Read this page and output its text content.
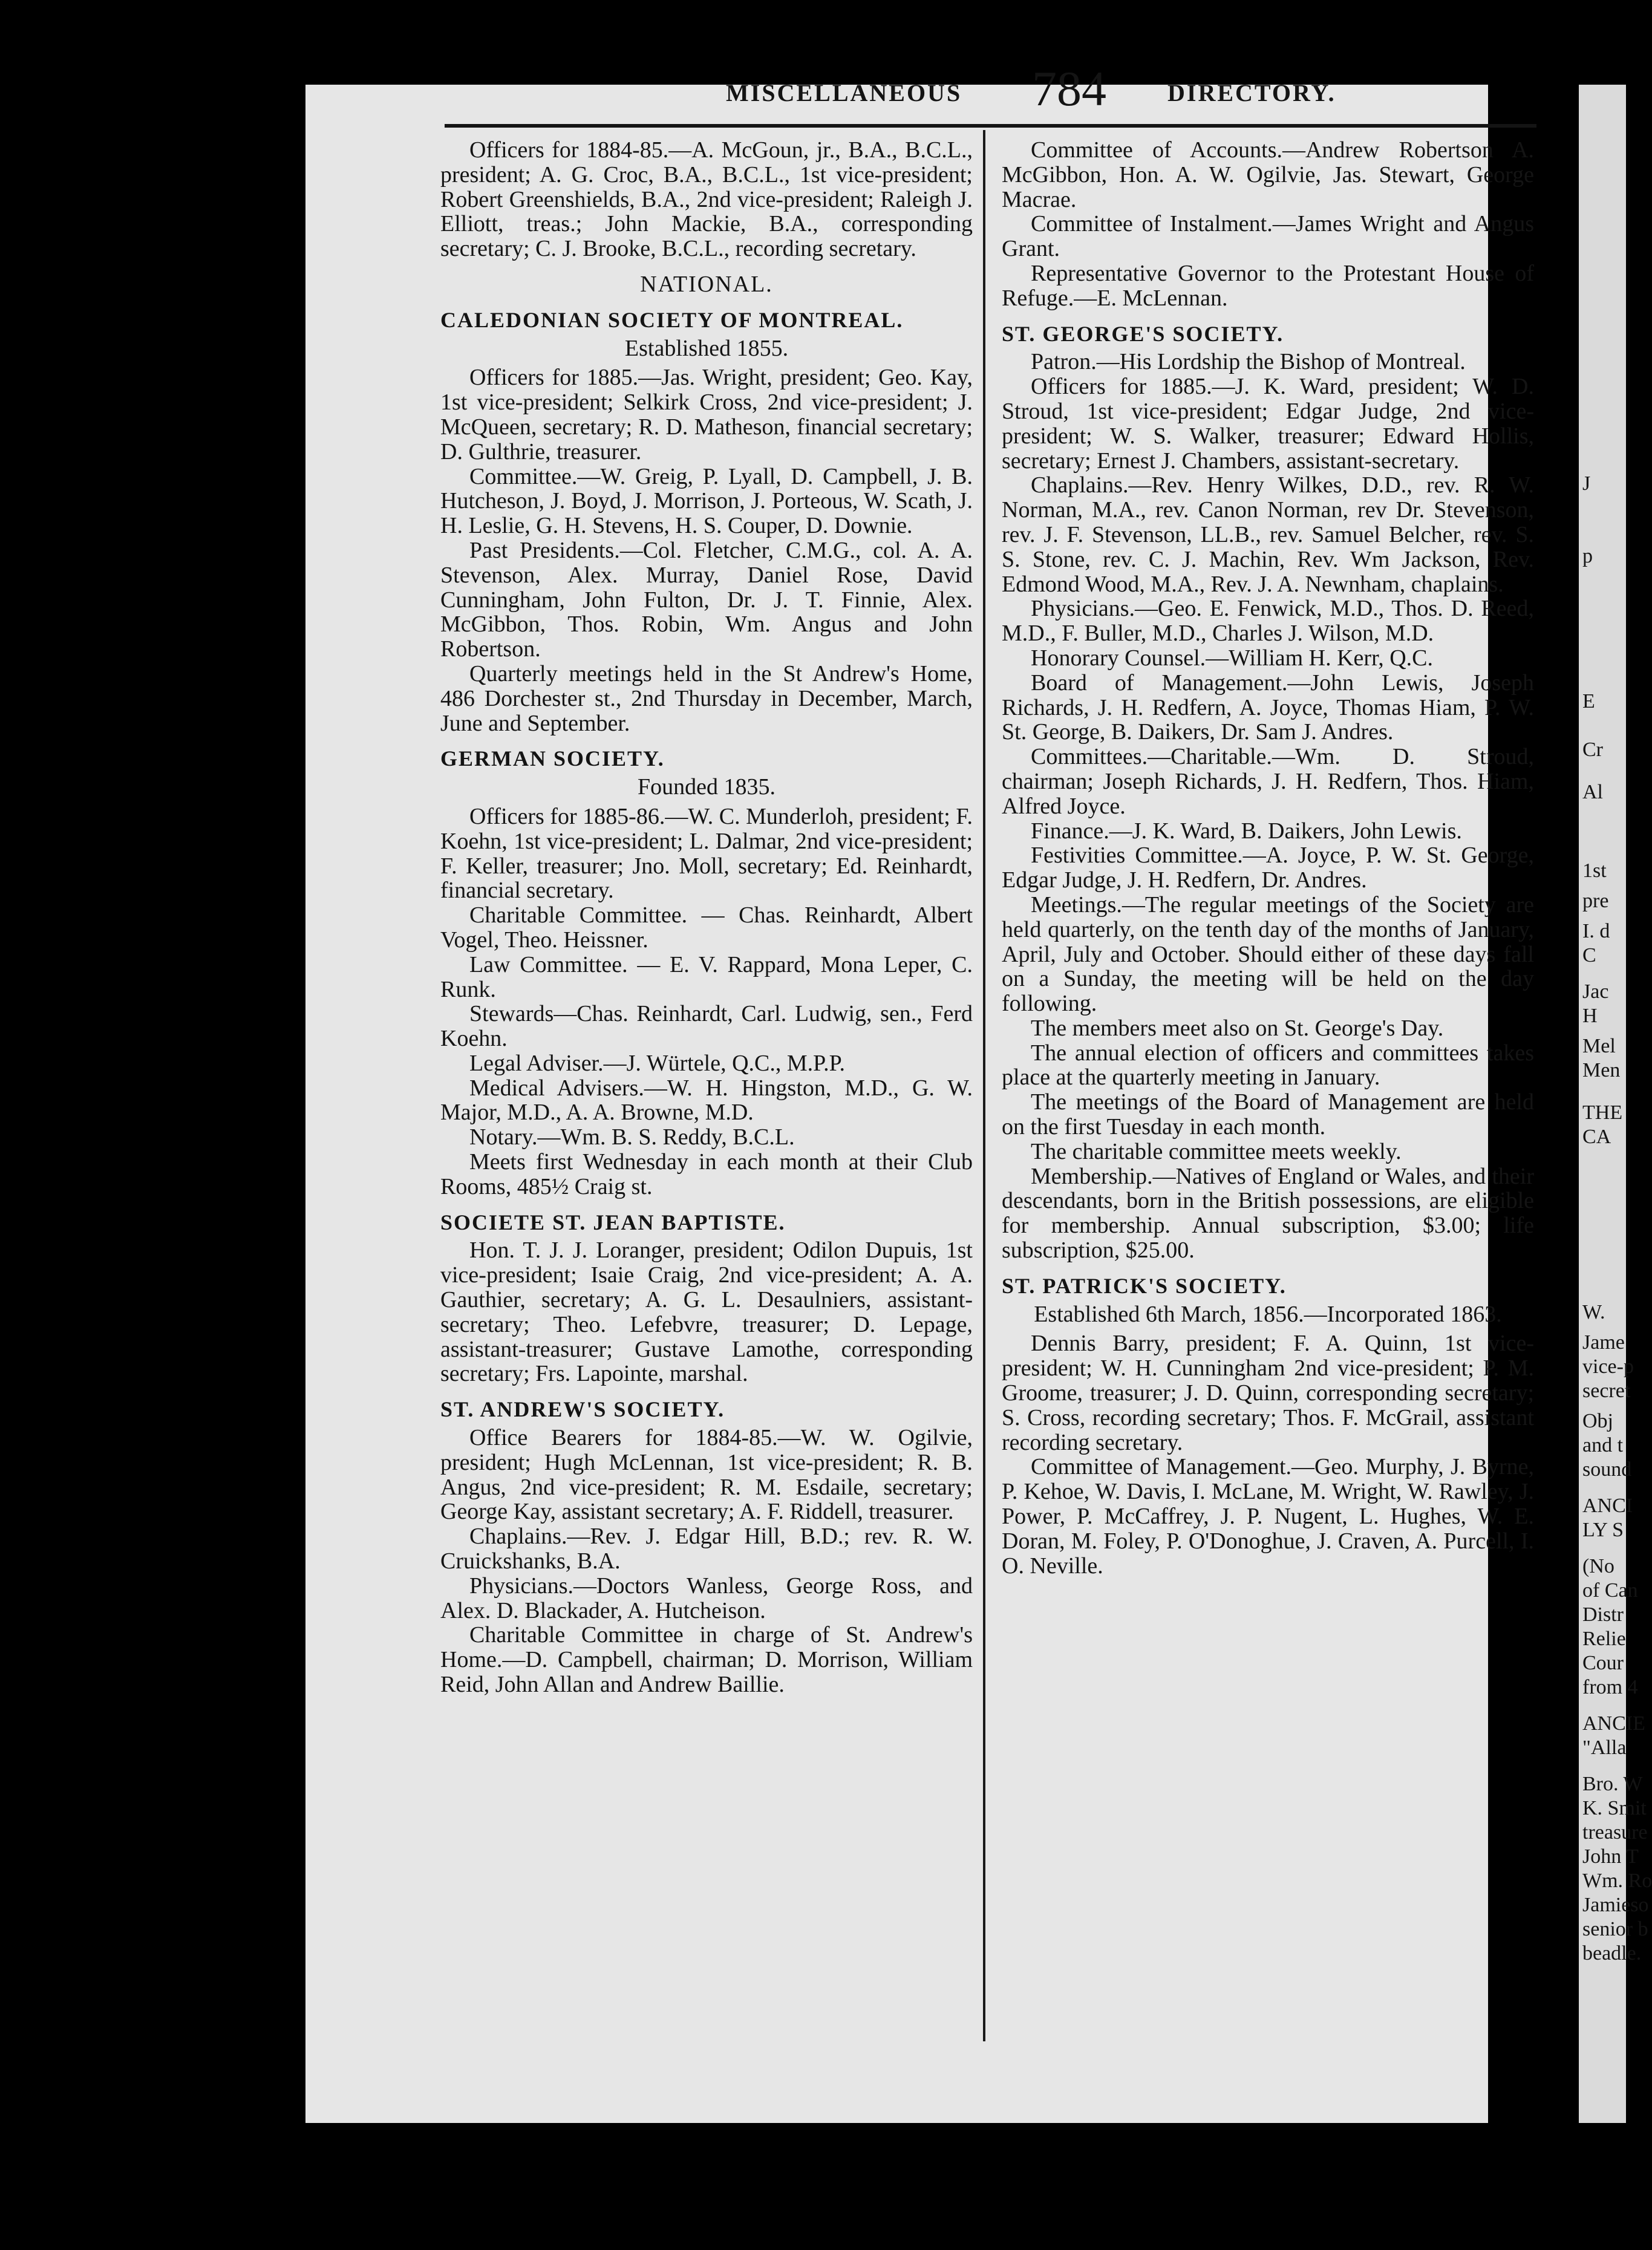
MISCELLANEOUS 784	DIRECTORY.

Officers for 1884-85.—A. McGoun, jr., B.A., B.C.L., president; A. G. Croc, B.A., B.C.L., 1st vice-president; Robert Greenshields, B.A., 2nd vice-president; Raleigh J. Elliott, treas.; John Mackie, B.A., corresponding secretary; C. J. Brooke, B.C.L., recording secretary.

NATIONAL.
CALEDONIAN SOCIETY OF MONTREAL.
Established 1855.

Officers for 1885.—Jas. Wright, president; Geo. Kay, 1st vice-president; Selkirk Cross, 2nd vice-president; J. McQueen, secretary; R. D. Matheson, financial secretary; D. Gulthrie, treasurer.

Committee.—W. Greig, P. Lyall, D. Campbell, J. B. Hutcheson, J. Boyd, J. Morrison, J. Porteous, W. Scath, J. H. Leslie, G. H. Stevens, H. S. Couper, D. Downie.

Past Presidents.—Col. Fletcher, C.M.G., col. A. A. Stevenson, Alex. Murray, Daniel Rose, David Cunningham, John Fulton, Dr. J. T. Finnie, Alex. McGibbon, Thos. Robin, Wm. Angus and John Robertson.

Quarterly meetings held in the St Andrew's Home, 486 Dorchester st., 2nd Thursday in December, March, June and September.

GERMAN SOCIETY.
Founded 1835.

Officers for 1885-86.—W. C. Munderloh, president; F. Koehn, 1st vice-president; L. Dalmar, 2nd vice-president; F. Keller, treasurer; Jno. Moll, secretary; Ed. Reinhardt, financial secretary.

Charitable Committee. — Chas. Reinhardt, Albert Vogel, Theo. Heissner.

Law Committee. — E. V. Rappard, Mona Leper, C. Runk.

Stewards—Chas. Reinhardt, Carl. Ludwig, sen., Ferd Koehn.

Legal Adviser.—J. Würtele, Q.C., M.P.P.

Medical Advisers.—W. H. Hingston, M.D., G. W. Major, M.D., A. A. Browne, M.D.

Notary.—Wm. B. S. Reddy, B.C.L.

Meets first Wednesday in each month at their Club Rooms, 485½ Craig st.

SOCIETE ST. JEAN BAPTISTE.

Hon. T. J. J. Loranger, president; Odilon Dupuis, 1st vice-president; Isaie Craig, 2nd vice-president; A. A. Gauthier, secretary; A. G. L. Desaulniers, assistant-secretary; Theo. Lefebvre, treasurer; D. Lepage, assistant-treasurer; Gustave Lamothe, corresponding secretary; Frs. Lapointe, marshal.

ST. ANDREW'S SOCIETY.

Office Bearers for 1884-85.—W. W. Ogilvie, president; Hugh McLennan, 1st vice-president; R. B. Angus, 2nd vice-president; R. M. Esdaile, secretary; George Kay, assistant secretary; A. F. Riddell, treasurer.

Chaplains.—Rev. J. Edgar Hill, B.D.; rev. R. W. Cruickshanks, B.A.

Physicians.—Doctors Wanless, George Ross, and Alex. D. Blackader, A. Hutcheison.

Charitable Committee in charge of St. Andrew's Home.—D. Campbell, chairman; D. Morrison, William Reid, John Allan and Andrew Baillie.

Committee of Accounts.—Andrew Robertson A. McGibbon, Hon. A. W. Ogilvie, Jas. Stewart, George Macrae.

Committee of Instalment.—James Wright and Angus Grant.

Representative Governor to the Protestant House of Refuge.—E. McLennan.

ST. GEORGE'S SOCIETY.

Patron.—His Lordship the Bishop of Montreal.

Officers for 1885.—J. K. Ward, president; W. D. Stroud, 1st vice-president; Edgar Judge, 2nd vice-president; W. S. Walker, treasurer; Edward Hollis, secretary; Ernest J. Chambers, assistant-secretary.

Chaplains.—Rev. Henry Wilkes, D.D., rev. R. W. Norman, M.A., rev. Canon Norman, rev Dr. Stevenson, rev. J. F. Stevenson, LL.B., rev. Samuel Belcher, rev. S. S. Stone, rev. C. J. Machin, Rev. Wm Jackson, Rev. Edmond Wood, M.A., Rev. J. A. Newnham, chaplains.

Physicians.—Geo. E. Fenwick, M.D., Thos. D. Reed, M.D., F. Buller, M.D., Charles J. Wilson, M.D.

Honorary Counsel.—William H. Kerr, Q.C.

Board of Management.—John Lewis, Joseph Richards, J. H. Redfern, A. Joyce, Thomas Hiam, P. W. St. George, B. Daikers, Dr. Sam J. Andres.

Committees.—Charitable.—Wm. D. Stroud, chairman; Joseph Richards, J. H. Redfern, Thos. Hiam, Alfred Joyce.

Finance.—J. K. Ward, B. Daikers, John Lewis.

Festivities Committee.—A. Joyce, P. W. St. George, Edgar Judge, J. H. Redfern, Dr. Andres.

Meetings.—The regular meetings of the Society are held quarterly, on the tenth day of the months of January, April, July and October. Should either of these days fall on a Sunday, the meeting will be held on the day following.

The members meet also on St. George's Day.

The annual election of officers and committees takes place at the quarterly meeting in January.

The meetings of the Board of Management are held on the first Tuesday in each month.

The charitable committee meets weekly.

Membership.—Natives of England or Wales, and their descendants, born in the British possessions, are eligible for membership. Annual subscription, $3.00; life subscription, $25.00.

ST. PATRICK'S SOCIETY.
Established 6th March, 1856.—Incorporated 1863.

Dennis Barry, president; F. A. Quinn, 1st vice-president; W. H. Cunningham 2nd vice-president; P. M. Groome, treasurer; J. D. Quinn, corresponding secretary; S. Cross, recording secretary; Thos. F. McGrail, assistant recording secretary.

Committee of Management.—Geo. Murphy, J. Byrne, P. Kehoe, W. Davis, I. McLane, M. Wright, W. Rawley, J. Power, P. McCaffrey, J. P. Nugent, L. Hughes, W. E. Doran, M. Foley, P. O'Donoghue, J. Craven, A. Purcell, I. O. Neville.

J
p
E
Cr
Al
1st
pre
I. d
C
Jac
H
Mel
Men
THE
CA
W.
Jame
vice-p
secret
Obj
and t
sound
ANCI
LY S
(No
of Can
Distr
Relie
Cour
from 4
ANCIE
"Alla
Bro. W
K. Smit
treasure
John T
Wm. Ro
Jamieso
senior b
beadle.
